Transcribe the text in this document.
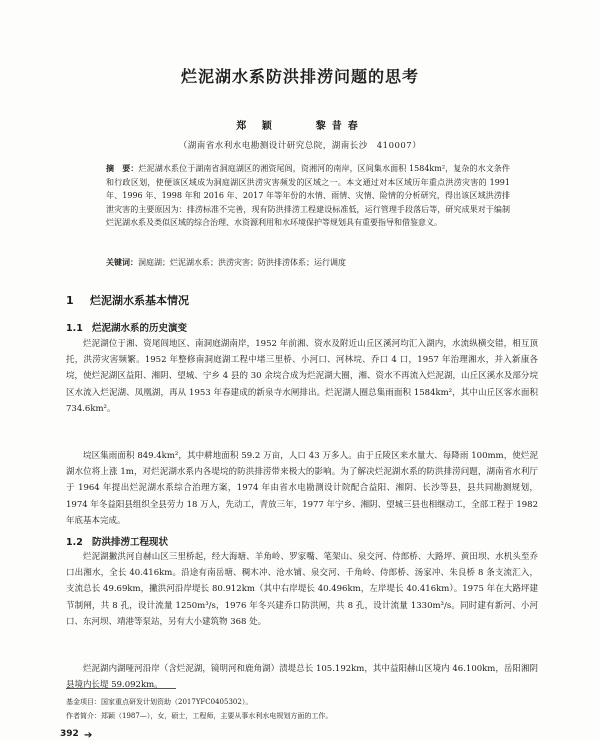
烂泥湖水系防洪排涝问题的思考
郑 颖	黎昔春
（湖南省水利水电勘测设计研究总院，湖南长沙　410007）

摘　要：烂泥湖水系位于湖南省洞庭湖区的湘资尾闾，资湘河的南岸，区间集水面积 1584km²，复杂的水文条件和行政区划，使便该区域成为洞庭湖区洪涝灾害频发的区域之一。本文通过对本区域历年重点洪涝灾害的 1991 年、1996 年、1998 年和 2016 年、2017 年等年份的水情、雨情、灾情、险情的分析研究，得出该区域洪涝排泄灾害的主要原因为：排涝标准不完善，现有防洪排涝工程建设标准低，运行管理手段落后等，研究成果对于编制烂泥湖水系及类似区域的综合治理、水资源利用和水环境保护等规划具有重要指导和借鉴意义。

关键词：洞庭湖；烂泥湖水系；洪涝灾害；防洪排涝体系；运行调度

1 烂泥湖水系基本情况
1.1 烂泥湖水系的历史演变

烂泥湖位于湘、资尾闾地区、南洞庭湖南岸，1952 年前湘、资水及附近山丘区溪河均汇入湖内，水流纵横交错，相互顶托，洪涝灾害频繁。1952 年整修南洞庭湖工程中堵三里桥、小河口、河林垸、乔口 4 口，1957 年治理湘水，并入新康各垸，使烂泥湖区益阳、湘阴、望城、宁乡 4 县的 30 余垸合成为烂泥湖大圈，湘、资水不再流入烂泥湖，山丘区溪水及部分垸区水流入烂泥湖、凤凰湖，再从 1953 年春建成的新泉寺水闸排出。烂泥湖人圈总集雨面积 1584km²，其中山丘区客水面积 734.6km²。

垸区集雨面积 849.4km²，其中耕地面积 59.2 万亩，人口 43 万多人。由于丘陵区来水量大、每降雨 100mm，使烂泥湖水位将上涨 1m，对烂泥湖水系内各堤垸的防洪排涝带来极大的影响。为了解决烂泥湖水系的防洪排涝问题，湖南省水利厅于 1964 年提出烂泥湖水系综合治理方案，1974 年由省水电勘测设计院配合益阳、湘阴、长沙等县，县共同勘测规划，1974 年冬益阳县组织全县劳力 18 万人，先动工，青放三年，1977 年宁乡、湘阴、望城三县也相继动工，全部工程于 1982 年底基本完成。

1.2 防洪排涝工程现状

烂泥湖撇洪河自赫山区三里桥起，经大海塘、羊角岭、罗家嘴、笔架山、泉交河、侍郎桥、大路坪、黄田坝、水机头至乔口出湘水，全长 40.416km。沿途有南岳塘、稠木冲、沧水铺、泉交河、千角岭、侍郎桥、汤家冲、朱良桥 8 条支流汇入，支流总长 49.69km，撇洪河沿岸堤长 80.912km（其中右岸堤长 40.496km，左岸堤长 40.416km）。1975 年在大路坪建节制闸，共 8 孔，设计流量 1250m³/s，1976 年冬兴建乔口防洪闸，共 8 孔，设计流量 1330m³/s。同时建有新河、小河口、东河坝、靖港等泵站，另有大小建筑物 368 处。

烂泥湖内湖哑河沿岸（含烂泥湖，镜明河和鹿角湖）渍堤总长 105.192km，其中益阳赫山区境内 46.100km，岳阳湘阴县境内长堤 59.092km。

基金项目：国家重点研发计划资助（2017YFC0405302）。

作者简介：郑颖（1987—），女，硕士，工程师，主要从事水利水电规划方面的工作。

392 ➔
